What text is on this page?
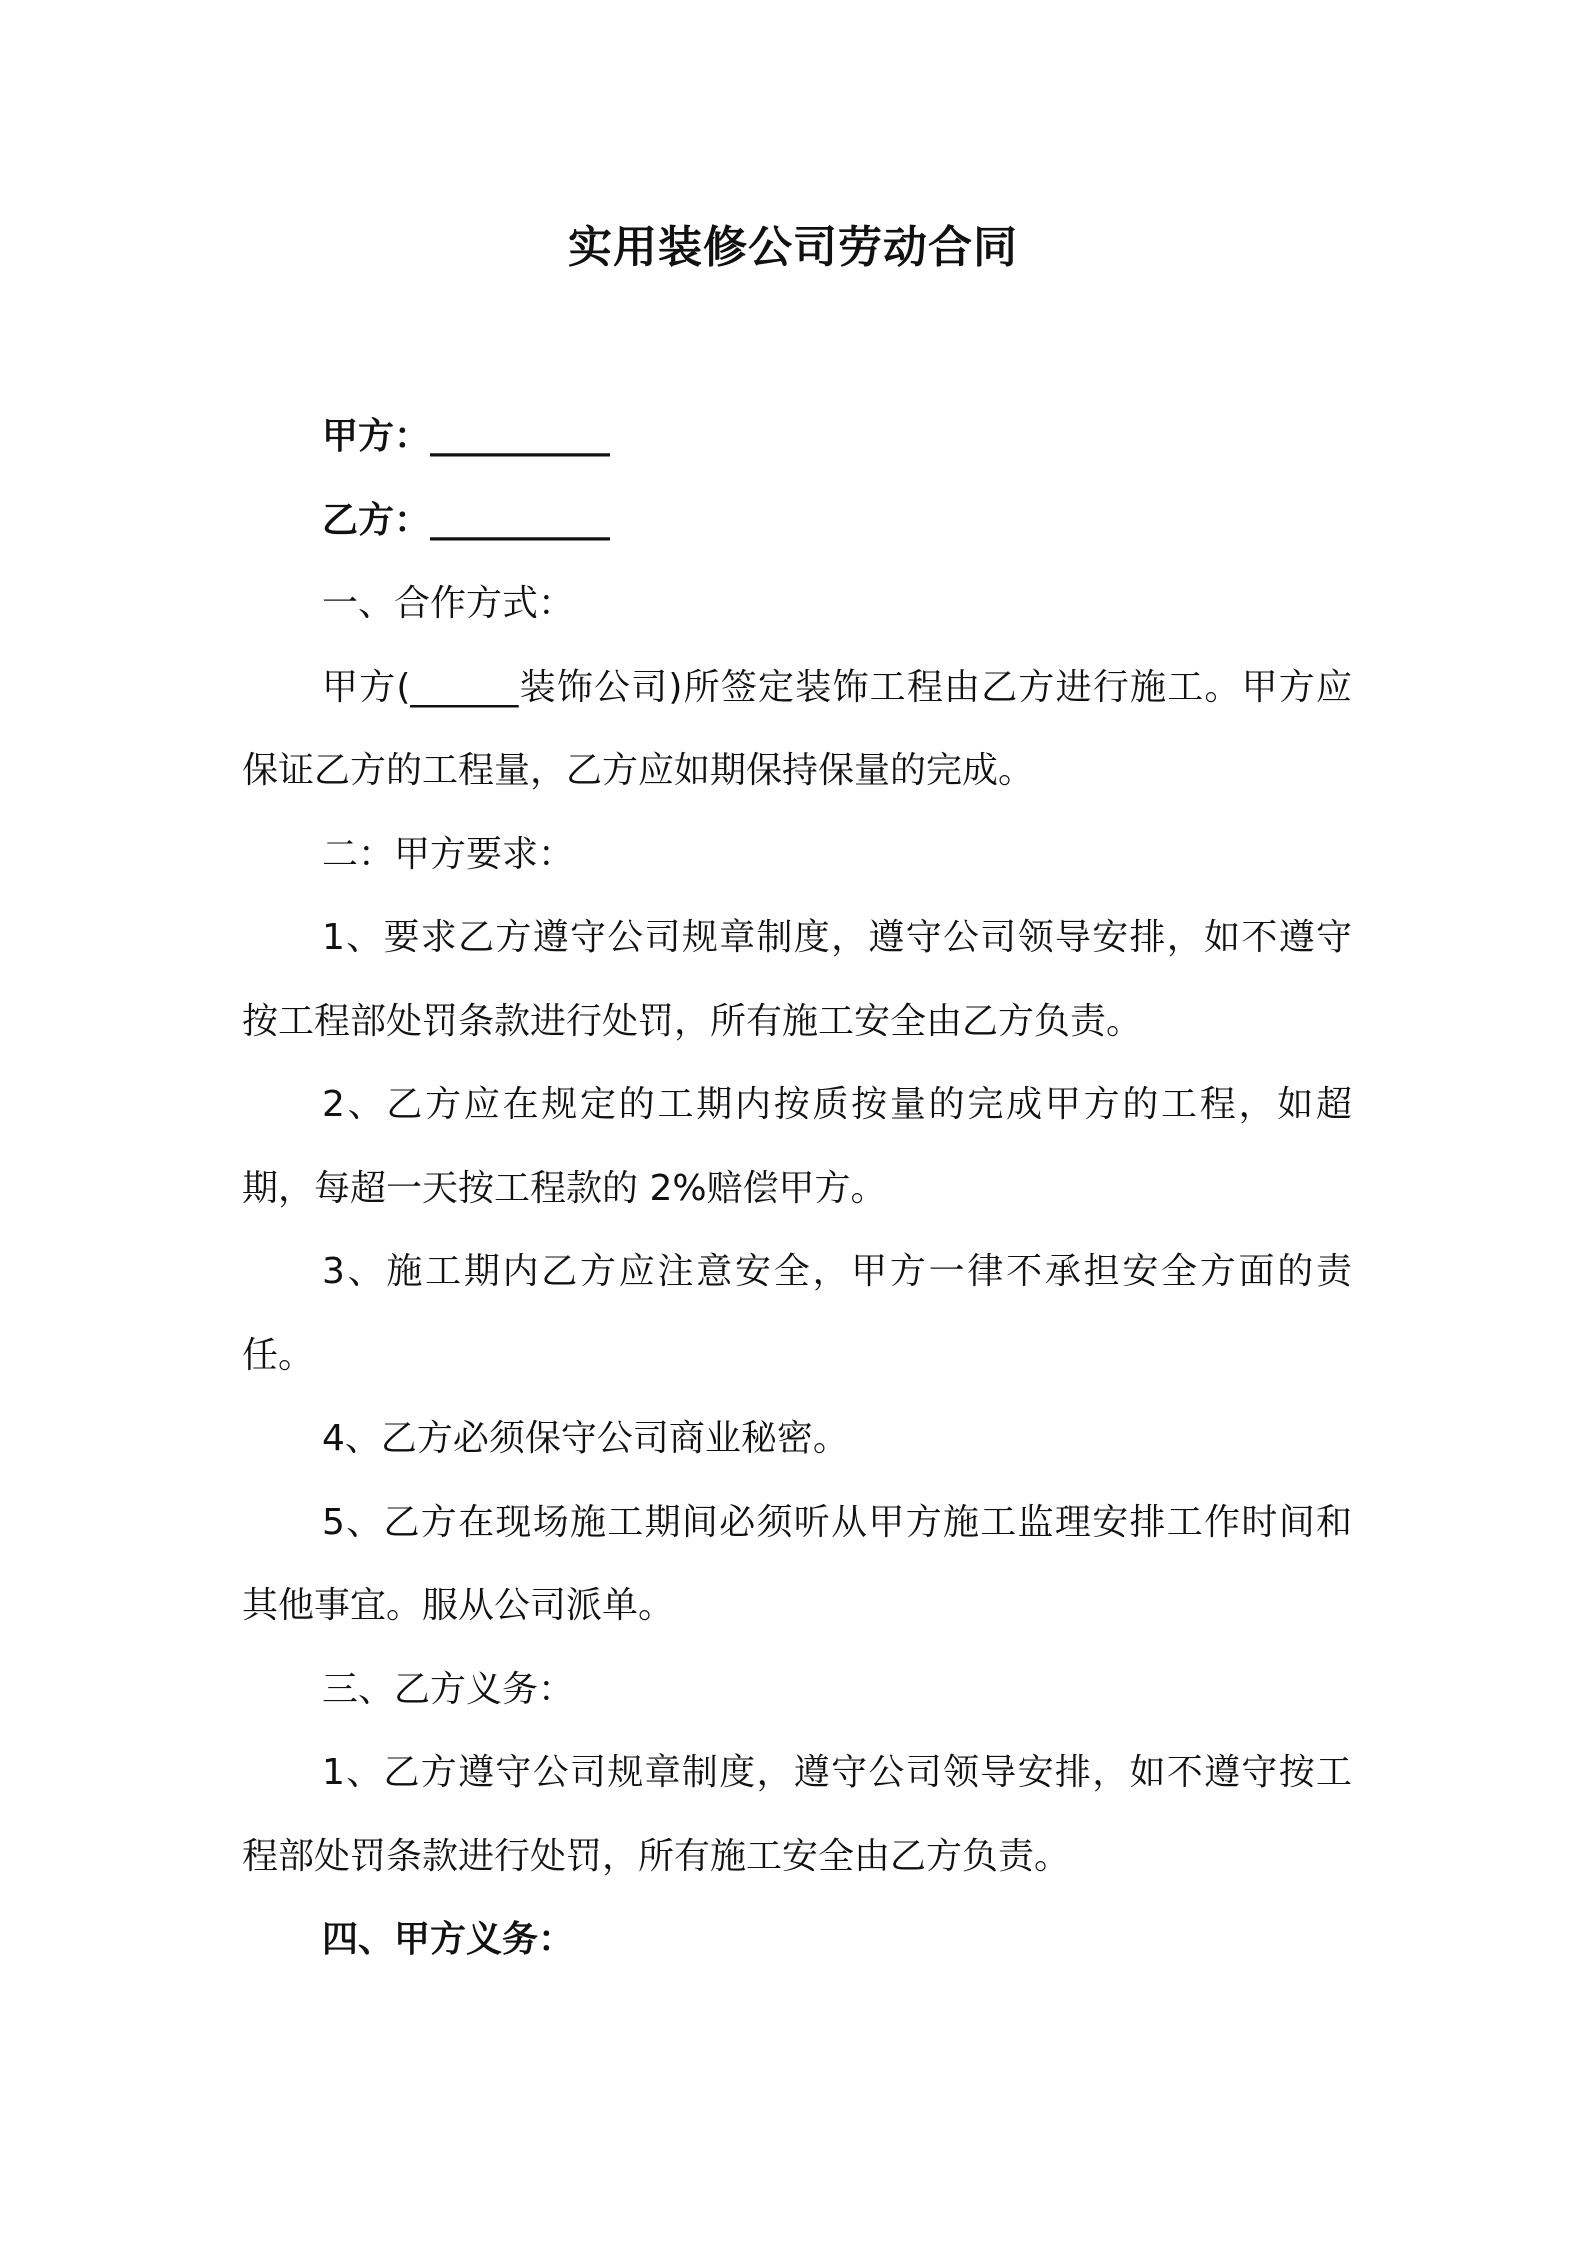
实用装修公司劳动合同

甲方：__________

乙方：__________

一、合作方式：

甲方(______装饰公司)所签定装饰工程由乙方进行施工。甲方应保证乙方的工程量，乙方应如期保持保量的完成。

二：甲方要求：

1、要求乙方遵守公司规章制度，遵守公司领导安排，如不遵守按工程部处罚条款进行处罚，所有施工安全由乙方负责。

2、乙方应在规定的工期内按质按量的完成甲方的工程，如超期，每超一天按工程款的 2%赔偿甲方。

3、施工期内乙方应注意安全，甲方一律不承担安全方面的责任。

4、乙方必须保守公司商业秘密。

5、乙方在现场施工期间必须听从甲方施工监理安排工作时间和其他事宜。服从公司派单。

三、乙方义务：

1、乙方遵守公司规章制度，遵守公司领导安排，如不遵守按工程部处罚条款进行处罚，所有施工安全由乙方负责。

四、甲方义务：
